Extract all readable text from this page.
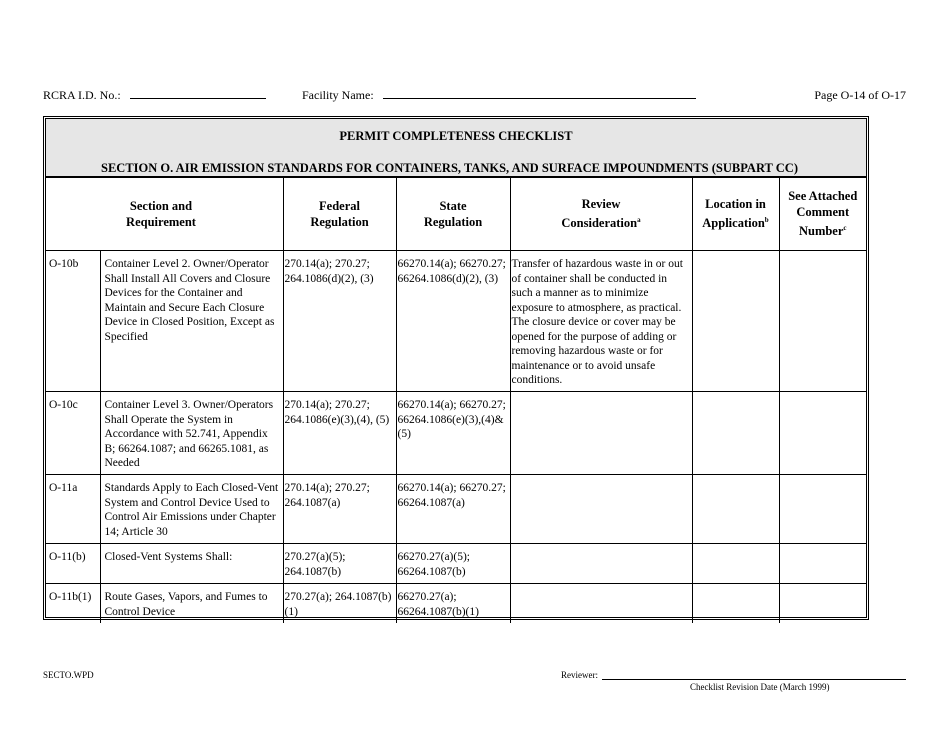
RCRA I.D. No.:	Facility Name:	Page O-14 of O-17
PERMIT COMPLETENESS CHECKLIST
SECTION O. AIR EMISSION STANDARDS FOR CONTAINERS, TANKS, AND SURFACE IMPOUNDMENTS (SUBPART CC)
Section and Requirement		Federal Regulation	State Regulation	Review Consideration$^a$	Location in Application$^b$	See Attached Comment Number$^c$

O-10b	Container Level 2. Owner/Operator Shall Install All Covers and Closure Devices for the Container and Maintain and Secure Each Closure Device in Closed Position, Except as Specified	270.14(a); 270.27; 264.1086(d)(2), (3)	66270.14(a); 66270.27; 66264.1086(d)(2), (3)	Transfer of hazardous waste in or out of container shall be conducted in such a manner as to minimize exposure to atmosphere, as practical. The closure device or cover may be opened for the purpose of adding or removing hazardous waste or for maintenance or to avoid unsafe conditions.		
O-10c	Container Level 3. Owner/Operators Shall Operate the System in Accordance with 52.741, Appendix B; 66264.1087; and 66265.1081, as Needed	270.14(a); 270.27; 264.1086(e)(3),(4), (5)	66270.14(a); 66270.27; 66264.1086(e)(3),(4)& (5)			
O-11a	Standards Apply to Each Closed-Vent System and Control Device Used to Control Air Emissions under Chapter 14; Article 30	270.14(a); 270.27; 264.1087(a)	66270.14(a); 66270.27; 66264.1087(a)			
O-11(b)	Closed-Vent Systems Shall:	270.27(a)(5); 264.1087(b)	66270.27(a)(5); 66264.1087(b)			
O-11b(1)	Route Gases, Vapors, and Fumes to Control Device	270.27(a); 264.1087(b)(1)	66270.27(a); 66264.1087(b)(1)			
SECTO.WPD	Reviewer:
Checklist Revision Date (March 1999)
